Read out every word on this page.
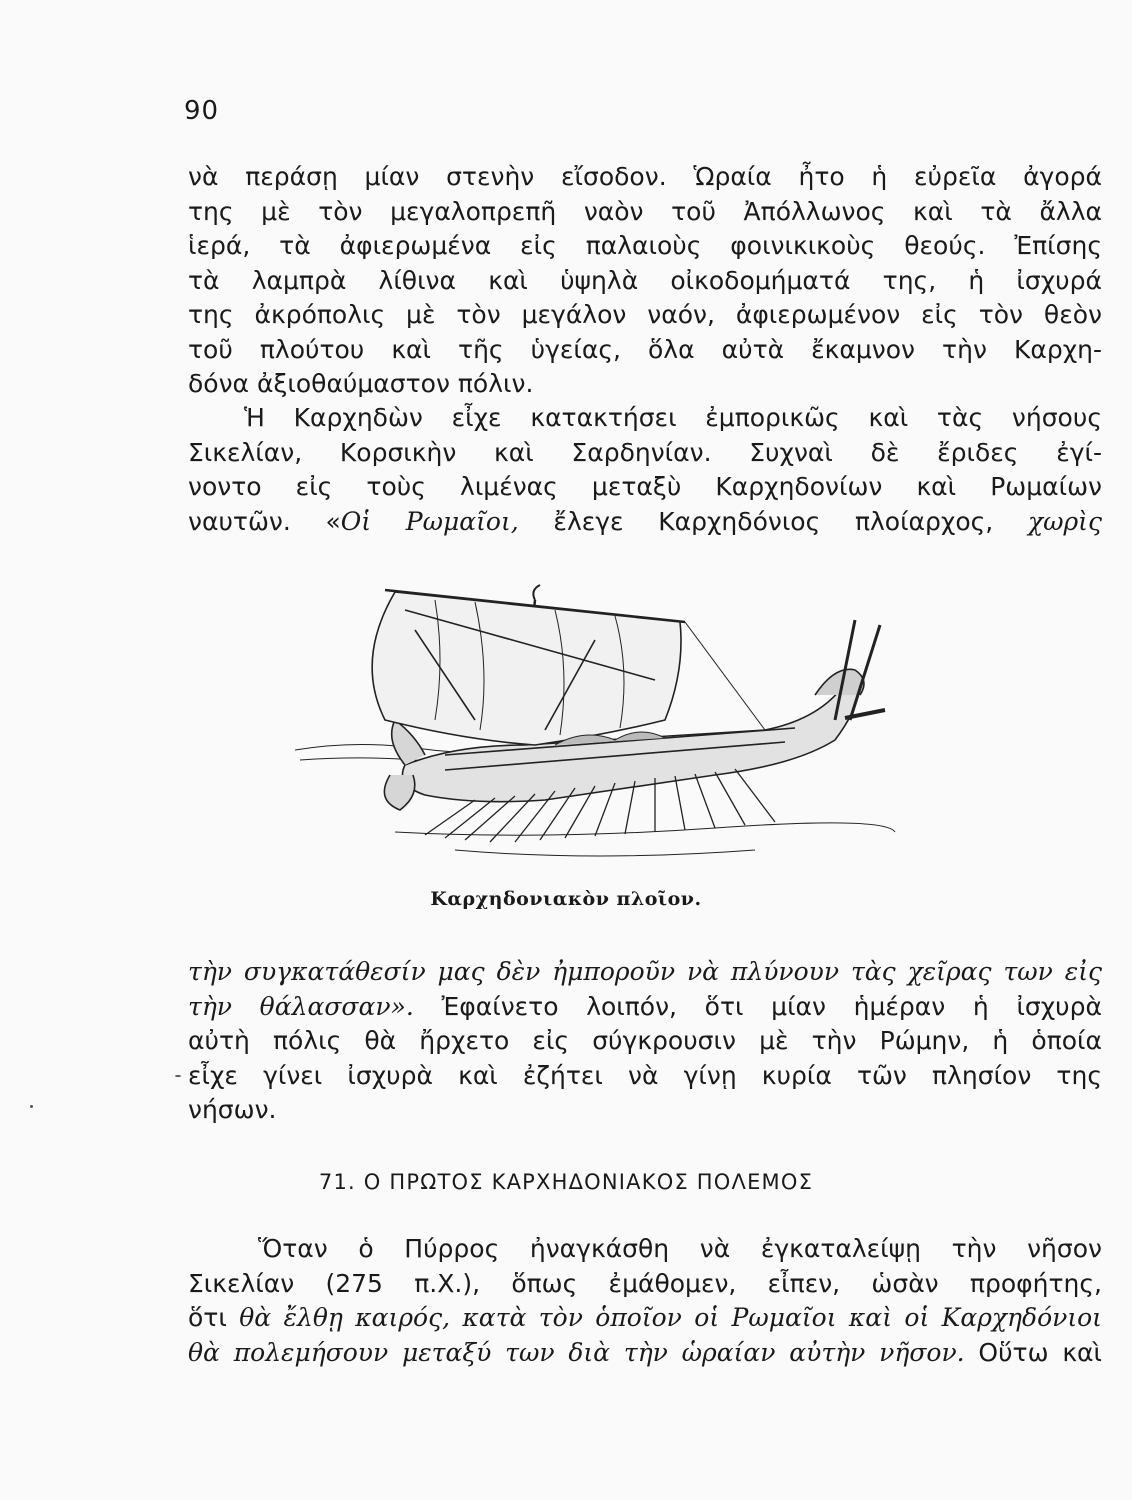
90
νὰ περάσῃ μίαν στενὴν εἴσοδον. Ὡραία ἦτο ἡ εὐρεῖα ἀγορά
της μὲ τὸν μεγαλοπρεπῆ ναὸν τοῦ Ἀπόλλωνος καὶ τὰ ἄλλα
ἱερά, τὰ ἀφιερωμένα εἰς παλαιοὺς φοινικικοὺς θεούς. Ἐπίσης
τὰ λαμπρὰ λίθινα καὶ ὑψηλὰ οἰκοδομήματά της, ἡ ἰσχυρά
της ἀκρόπολις μὲ τὸν μεγάλον ναόν, ἀφιερωμένον εἰς τὸν θεὸν
τοῦ πλούτου καὶ τῆς ὑγείας, ὅλα αὐτὰ ἔκαμνον τὴν Καρχη-
δόνα ἀξιοθαύμαστον πόλιν.
Ἡ Καρχηδὼν εἶχε κατακτήσει ἐμπορικῶς καὶ τὰς νήσους
Σικελίαν, Κορσικὴν καὶ Σαρδηνίαν. Συχναὶ δὲ ἔριδες ἐγί-
νοντο εἰς τοὺς λιμένας μεταξὺ Καρχηδονίων καὶ Ρωμαίων
ναυτῶν. «Οἱ Ρωμαῖοι, ἔλεγε Καρχηδόνιος πλοίαρχος, χωρὶς
Καρχηδονιακὸν πλοῖον.
τὴν συγκατάθεσίν μας δὲν ἠμποροῦν νὰ πλύνουν τὰς χεῖρας των εἰς
τὴν θάλασσαν». Ἐφαίνετο λοιπόν, ὅτι μίαν ἡμέραν ἡ ἰσχυρὰ
αὐτὴ πόλις θὰ ἤρχετο εἰς σύγκρουσιν μὲ τὴν Ρώμην, ἡ ὁποία
εἶχε γίνει ἰσχυρὰ καὶ ἐζήτει νὰ γίνῃ κυρία τῶν πλησίον της
νήσων.
71. Ο ΠΡΩΤΟΣ ΚΑΡΧΗΔΟΝΙΑΚΟΣ ΠΟΛΕΜΟΣ
Ὅταν ὁ Πύρρος ἠναγκάσθη νὰ ἐγκαταλείψῃ τὴν νῆσον
Σικελίαν (275 π.Χ.), ὅπως ἐμάθομεν, εἶπεν, ὡσὰν προφήτης,
ὅτι θὰ ἔλθῃ καιρός, κατὰ τὸν ὁποῖον οἱ Ρωμαῖοι καὶ οἱ Καρχηδόνιοι
θὰ πολεμήσουν μεταξύ των διὰ τὴν ὡραίαν αὐτὴν νῆσον. Οὕτω καὶ
